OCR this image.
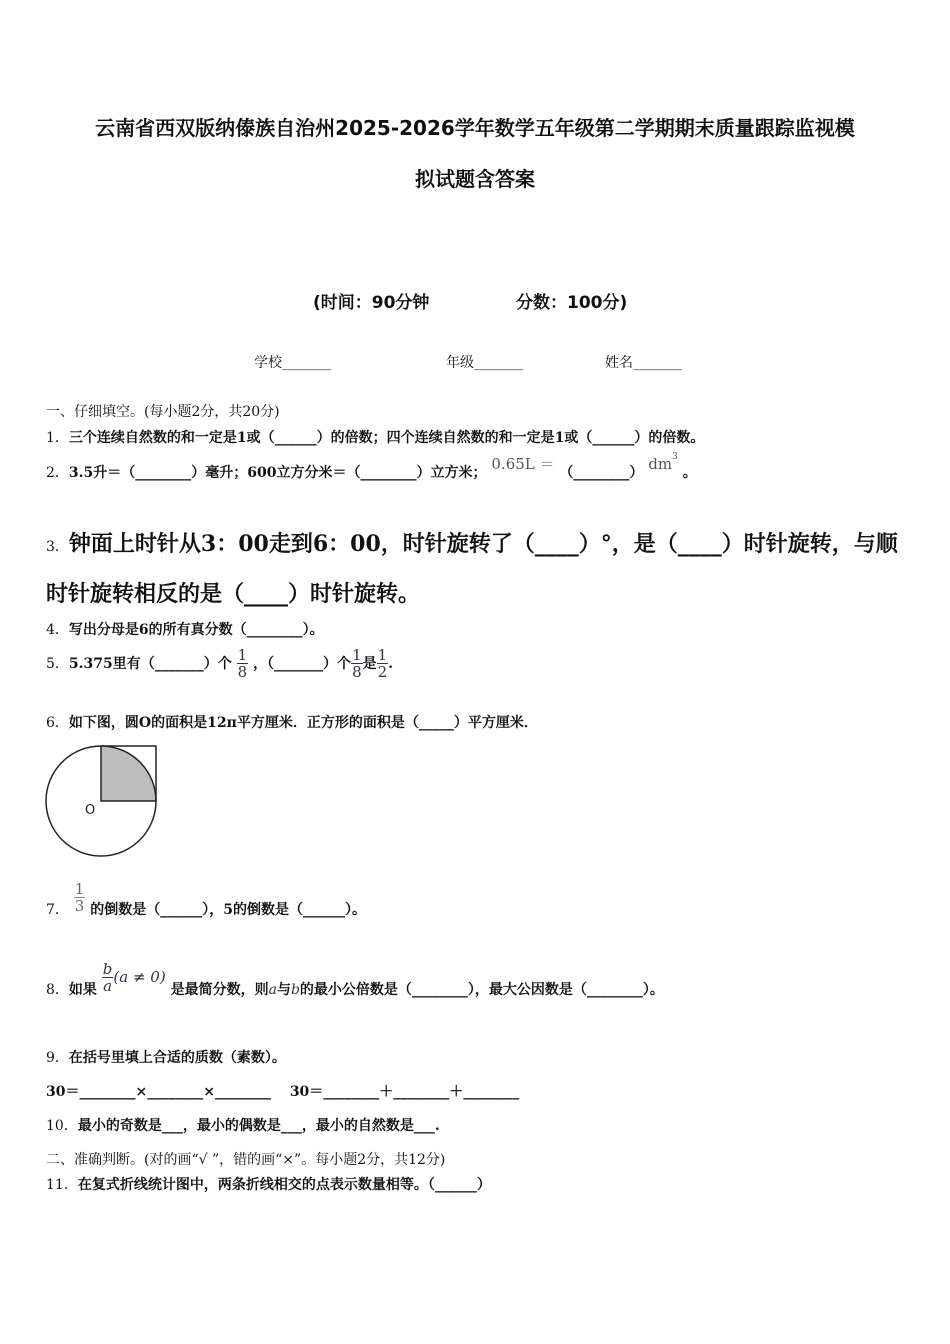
云南省西双版纳傣族自治州2025-2026学年数学五年级第二学期期末质量跟踪监视模
拟试题含答案
(时间：90分钟	分数：100分)
学校_______	年级_______	姓名_______
一、仔细填空。(每小题2分，共20分)
1．三个连续自然数的和一定是1或（______）的倍数；四个连续自然数的和一定是1或（______）的倍数。
2．3.5升＝（________）毫升；600立方分米＝（________）立方米； 0.65L ＝ （________） $dm^3$ 。
3．钟面上时针从3：00走到6：00，时针旋转了（____）°，是（____）时针旋转，与顺
时针旋转相反的是（____）时针旋转。
4．写出分母是6的所有真分数（________）。
5．5.375里有（_______）个 $\frac{1}{8}$ ，（_______）个 $\frac{1}{8}$ 是 $\frac{1}{2}$ .
6．如下图，圆O的面积是12π平方厘米．正方形的面积是（_____）平方厘米．
O
7． $\frac{1}{3}$ 的倒数是（______），5的倒数是（______）。
8．如果 $\frac{b}{a} (a \ne 0)$ 是最简分数，则a与b的最小公倍数是（________），最大公因数是（________）。
9．在括号里填上合适的质数（素数）。
30＝________×________×________　 30＝________＋________＋________
10．最小的奇数是___，最小的偶数是___，最小的自然数是___.
二、准确判断。(对的画“√ ”，错的画“×”。每小题2分，共12分)
11．在复式折线统计图中，两条折线相交的点表示数量相等。（______）
